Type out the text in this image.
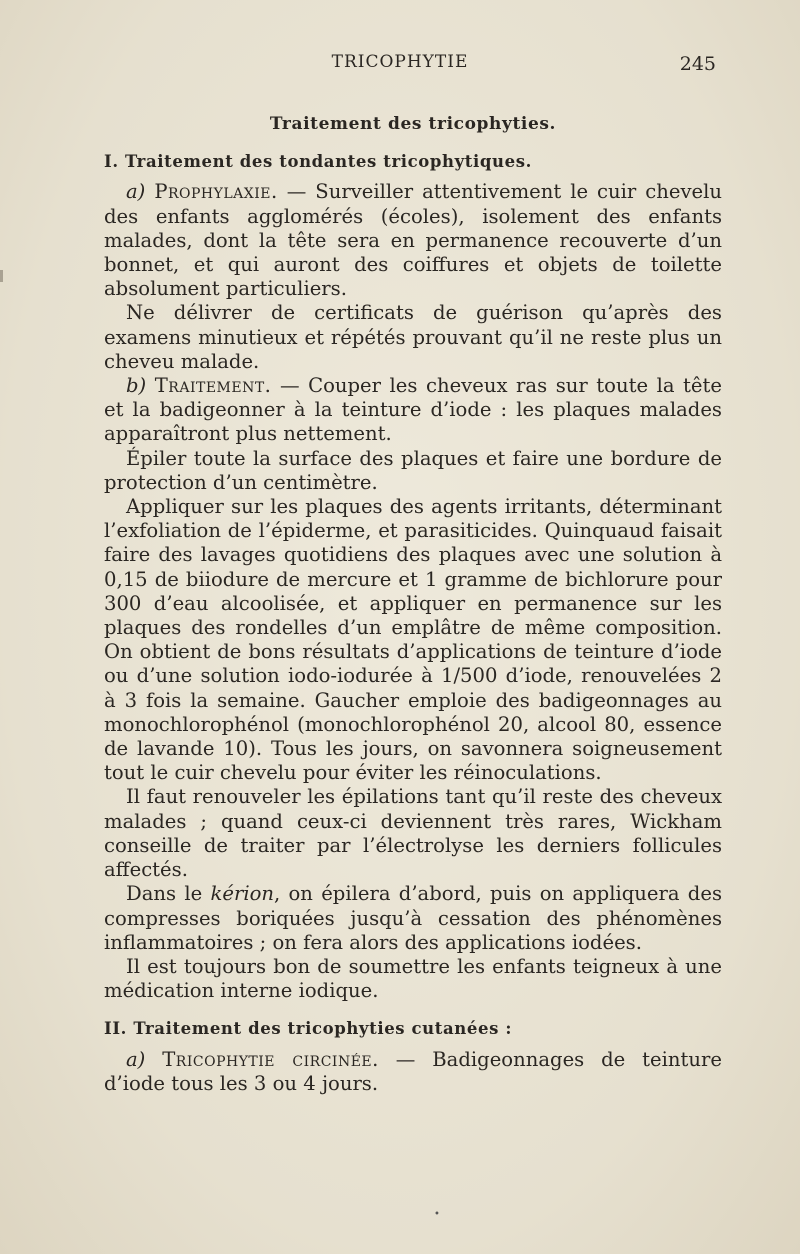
TRICOPHYTIE	245
Traitement des tricophyties.
I. Traitement des tondantes tricophytiques.

a) Prophylaxie. — Surveiller attentivement le cuir chevelu des enfants agglomérés (écoles), isolement des enfants malades, dont la tête sera en permanence recouverte d’un bonnet, et qui auront des coiffures et objets de toilette absolument particuliers.

Ne délivrer de certificats de guérison qu’après des examens minutieux et répétés prouvant qu’il ne reste plus un cheveu malade.

b) Traitement. — Couper les cheveux ras sur toute la tête et la badigeonner à la teinture d’iode : les plaques malades apparaîtront plus nettement.

Épiler toute la surface des plaques et faire une bordure de protection d’un centimètre.

Appliquer sur les plaques des agents irritants, déterminant l’exfoliation de l’épiderme, et parasiticides. Quinquaud faisait faire des lavages quotidiens des plaques avec une solution à 0,15 de biiodure de mercure et 1 gramme de bichlorure pour 300 d’eau alcoolisée, et appliquer en permanence sur les plaques des rondelles d’un emplâtre de même composition. On obtient de bons résultats d’applications de teinture d’iode ou d’une solution iodo-iodurée à 1/500 d’iode, renouvelées 2 à 3 fois la semaine. Gaucher emploie des badigeonnages au monochlorophénol (monochlorophénol 20, alcool 80, essence de lavande 10). Tous les jours, on savonnera soigneusement tout le cuir chevelu pour éviter les réinoculations.

Il faut renouveler les épilations tant qu’il reste des cheveux malades ; quand ceux-ci deviennent très rares, Wickham conseille de traiter par l’électrolyse les derniers follicules affectés.

Dans le kérion, on épilera d’abord, puis on appliquera des compresses boriquées jusqu’à cessation des phénomènes inflammatoires ; on fera alors des applications iodées.

Il est toujours bon de soumettre les enfants teigneux à une médication interne iodique.

II. Traitement des tricophyties cutanées :

a) Tricophytie circinée. — Badigeonnages de teinture d’iode tous les 3 ou 4 jours.

•
